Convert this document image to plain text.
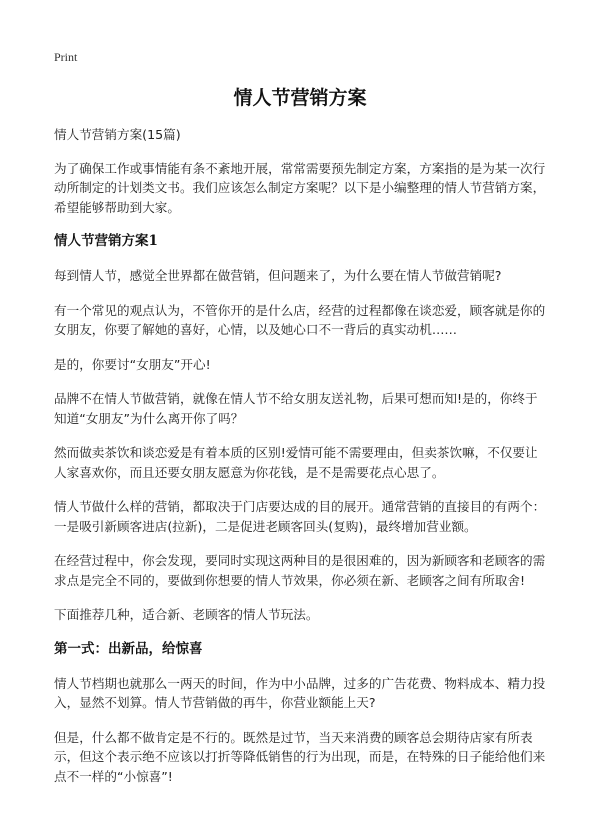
Print
情人节营销方案

情人节营销方案(15篇)

为了确保工作或事情能有条不紊地开展，常常需要预先制定方案，方案指的是为某一次行动所制定的计划类文书。我们应该怎么制定方案呢？以下是小编整理的情人节营销方案，希望能够帮助到大家。

情人节营销方案1

每到情人节，感觉全世界都在做营销，但问题来了，为什么要在情人节做营销呢?

有一个常见的观点认为，不管你开的是什么店，经营的过程都像在谈恋爱，顾客就是你的女朋友，你要了解她的喜好，心情，以及她心口不一背后的真实动机……

是的，你要讨“女朋友”开心!

品牌不在情人节做营销，就像在情人节不给女朋友送礼物，后果可想而知!是的，你终于知道“女朋友”为什么离开你了吗？

然而做卖茶饮和谈恋爱是有着本质的区别!爱情可能不需要理由，但卖茶饮嘛，不仅要让人家喜欢你，而且还要女朋友愿意为你花钱，是不是需要花点心思了。

情人节做什么样的营销，都取决于门店要达成的目的展开。通常营销的直接目的有两个：一是吸引新顾客进店(拉新)，二是促进老顾客回头(复购)，最终增加营业额。

在经营过程中，你会发现，要同时实现这两种目的是很困难的，因为新顾客和老顾客的需求点是完全不同的，要做到你想要的情人节效果，你必须在新、老顾客之间有所取舍!

下面推荐几种，适合新、老顾客的情人节玩法。

第一式：出新品，给惊喜

情人节档期也就那么一两天的时间，作为中小品牌，过多的广告花费、物料成本、精力投入，显然不划算。情人节营销做的再牛，你营业额能上天?

但是，什么都不做肯定是不行的。既然是过节，当天来消费的顾客总会期待店家有所表示，但这个表示绝不应该以打折等降低销售的行为出现，而是，在特殊的日子能给他们来点不一样的“小惊喜”!
